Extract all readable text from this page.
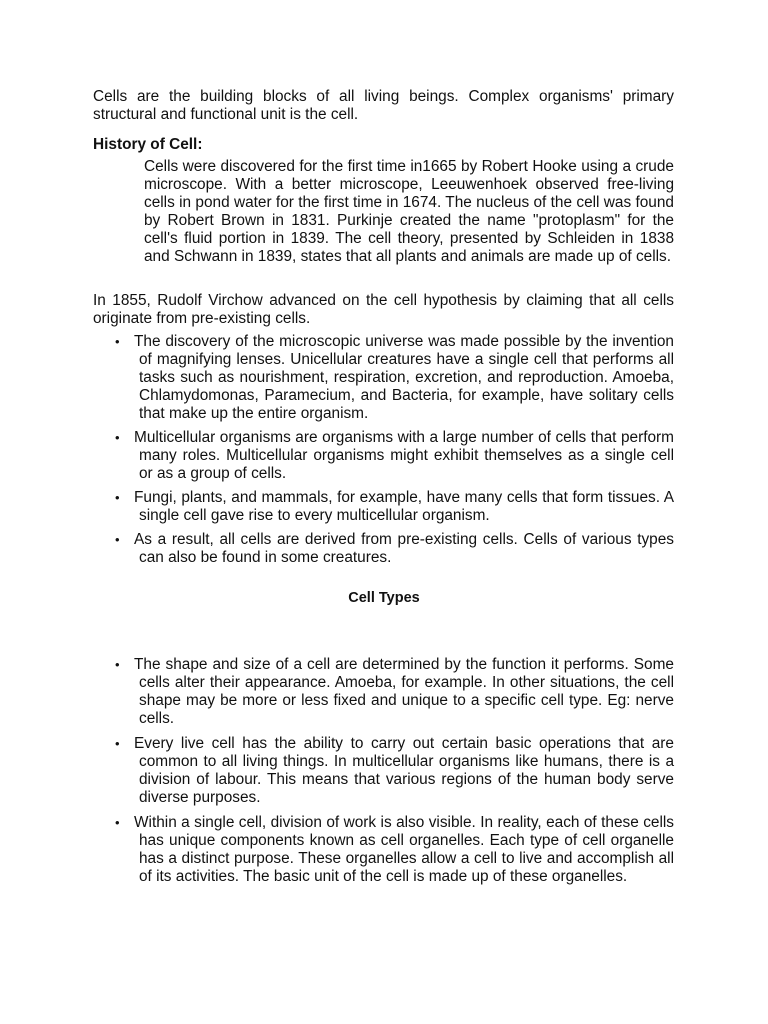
Cells are the building blocks of all living beings. Complex organisms' primary structural and functional unit is the cell.

History of Cell:

Cells were discovered for the first time in1665 by Robert Hooke using a crude microscope. With a better microscope, Leeuwenhoek observed free-living cells in pond water for the first time in 1674. The nucleus of the cell was found by Robert Brown in 1831. Purkinje created the name "protoplasm" for the cell's fluid portion in 1839. The cell theory, presented by Schleiden in 1838 and Schwann in 1839, states that all plants and animals are made up of cells.

In 1855, Rudolf Virchow advanced on the cell hypothesis by claiming that all cells originate from pre-existing cells.

• The discovery of the microscopic universe was made possible by the invention of magnifying lenses. Unicellular creatures have a single cell that performs all tasks such as nourishment, respiration, excretion, and reproduction. Amoeba, Chlamydomonas, Paramecium, and Bacteria, for example, have solitary cells that make up the entire organism.
• Multicellular organisms are organisms with a large number of cells that perform many roles. Multicellular organisms might exhibit themselves as a single cell or as a group of cells.
• Fungi, plants, and mammals, for example, have many cells that form tissues. A single cell gave rise to every multicellular organism.
• As a result, all cells are derived from pre-existing cells. Cells of various types can also be found in some creatures.
Cell Types
• The shape and size of a cell are determined by the function it performs. Some cells alter their appearance. Amoeba, for example. In other situations, the cell shape may be more or less fixed and unique to a specific cell type. Eg: nerve cells.
• Every live cell has the ability to carry out certain basic operations that are common to all living things. In multicellular organisms like humans, there is a division of labour. This means that various regions of the human body serve diverse purposes.
• Within a single cell, division of work is also visible. In reality, each of these cells has unique components known as cell organelles. Each type of cell organelle has a distinct purpose. These organelles allow a cell to live and accomplish all of its activities. The basic unit of the cell is made up of these organelles.
